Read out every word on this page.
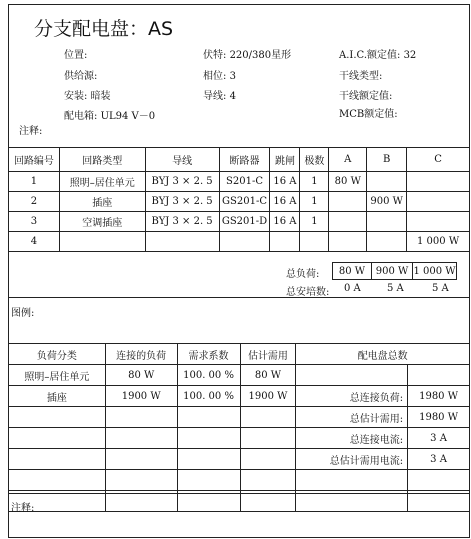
分支配电盘：AS
位置:	伏特: 220/380星形	A.I.C.额定值: 32
供给源:	相位: 3	干线类型:
安装: 暗装	导线: 4	干线额定值:
配电箱: UL94 V－0	MCB额定值:
注释:
回路编号	回路类型	导线	断路器	跳闸	极数	A	B	C
1	照明–居住单元	BYJ 3 × 2. 5	S201-C	16 A	1	80 W		
2	插座	BYJ 3 × 2. 5	GS201-C	16 A	1		900 W	
3	空调插座	BYJ 3 × 2. 5	GS201-D	16 A	1			
4								1 000 W
总负荷: 80 W	900 W	1 000 W
总安培数: 0 A	5 A	5 A
图例:
负荷分类	连接的负荷	需求系数	估计需用	配电盘总数	
照明–居住单元	80 W	100. 00 %	80 W		
插座	1900 W	100. 00 %	1900 W	总连接负荷:	1980 W
				总估计需用:	1980 W
				总连接电流:	3 A
				总估计需用电流:	3 A

注释:
